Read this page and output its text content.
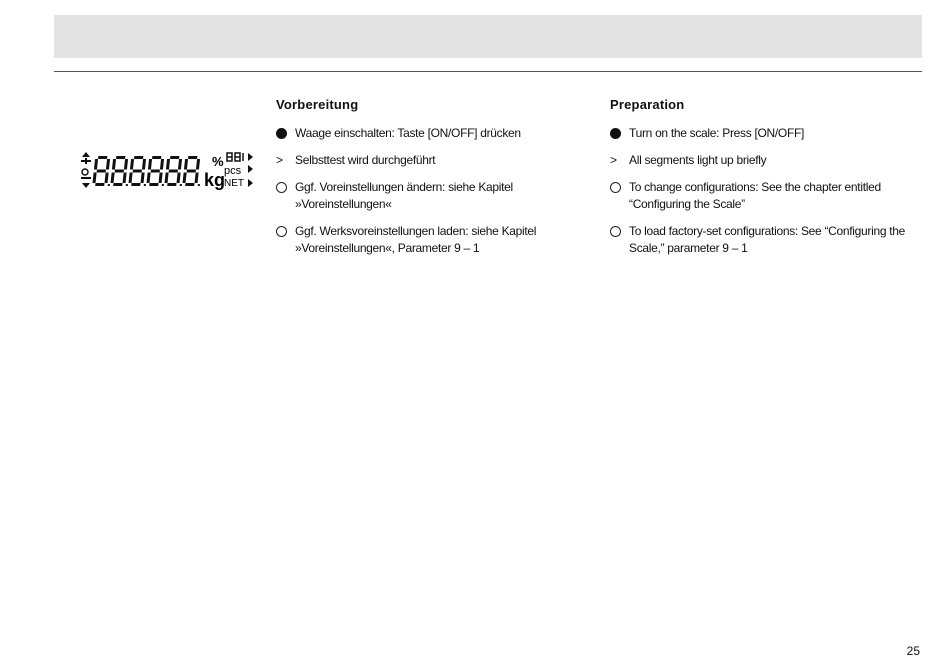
%
kg
pcs
NET
Vorbereitung
Waage einschalten: Taste [ON/OFF] drücken
>	Selbsttest wird durchgeführt
Ggf. Voreinstellungen ändern: siehe Kapitel
»Voreinstellungen«
Ggf. Werksvoreinstellungen laden: siehe Kapitel
»Voreinstellungen«, Parameter 9 – 1
Preparation
Turn on the scale: Press [ON/OFF]
>	All segments light up briefly
To change configurations: See the chapter entitled
“Configuring the Scale”
To load factory-set configurations: See “Configuring the
Scale,” parameter 9 – 1
25
